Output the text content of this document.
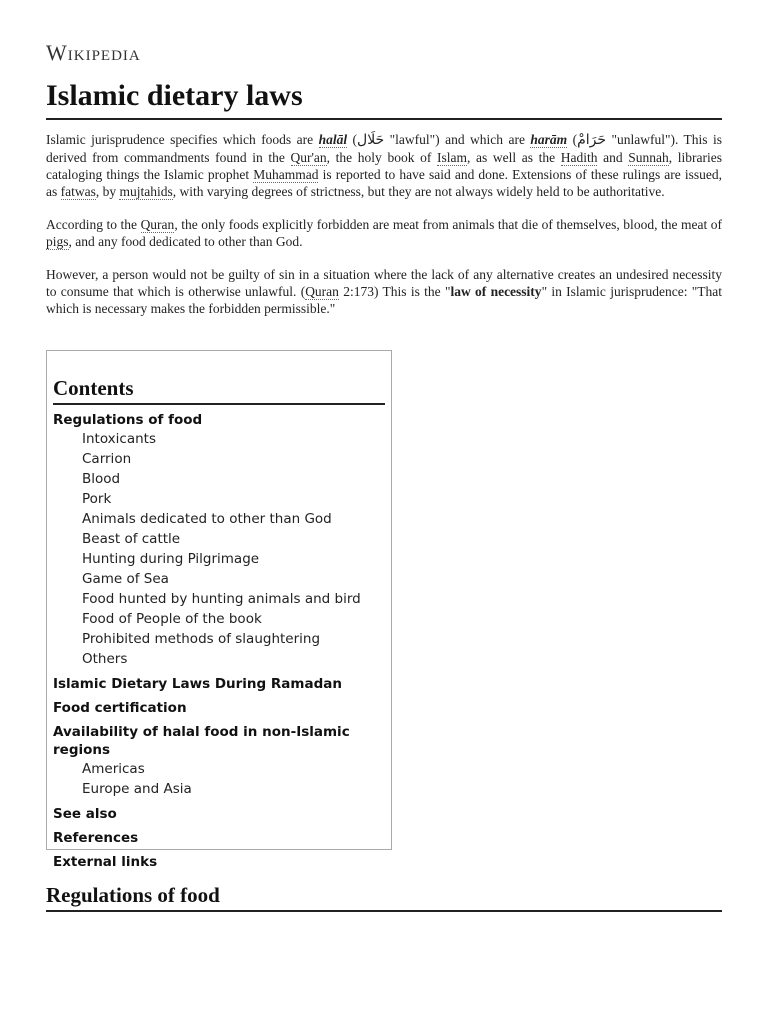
Wikipedia
Islamic dietary laws

Islamic jurisprudence specifies which foods are halāl (حَلَال "lawful") and which are harām (حَرَامْ "unlawful"). This is derived from commandments found in the Qur'an, the holy book of Islam, as well as the Hadith and Sunnah, libraries cataloging things the Islamic prophet Muhammad is reported to have said and done. Extensions of these rulings are issued, as fatwas, by mujtahids, with varying degrees of strictness, but they are not always widely held to be authoritative.

According to the Quran, the only foods explicitly forbidden are meat from animals that die of themselves, blood, the meat of pigs, and any food dedicated to other than God.

However, a person would not be guilty of sin in a situation where the lack of any alternative creates an undesired necessity to consume that which is otherwise unlawful. (Quran 2:173) This is the "law of necessity" in Islamic jurisprudence: "That which is necessary makes the forbidden permissible."

Contents
Regulations of food
Intoxicants
Carrion
Blood
Pork
Animals dedicated to other than God
Beast of cattle
Hunting during Pilgrimage
Game of Sea
Food hunted by hunting animals and bird
Food of People of the book
Prohibited methods of slaughtering
Others
Islamic Dietary Laws During Ramadan
Food certification
Availability of halal food in non-Islamic regions
Americas
Europe and Asia
See also
References
External links
Regulations of food
